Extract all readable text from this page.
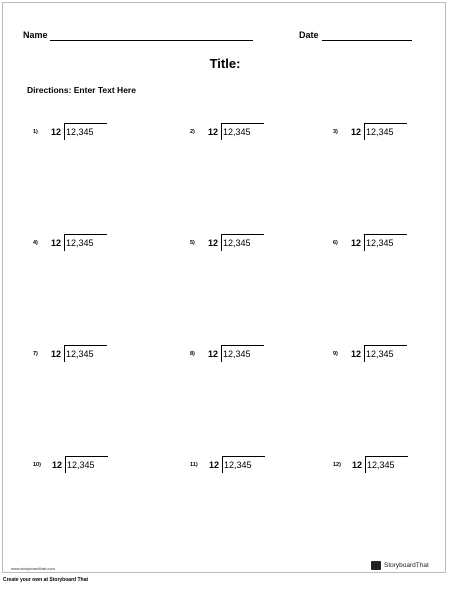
Name	Date
Title:
Directions: Enter Text Here
1) 12 12,345	2) 12 12,345	3) 12 12,345
4) 12 12,345	5) 12 12,345	6) 12 12,345
7) 12 12,345	8) 12 12,345	9) 12 12,345
10) 12 12,345	11) 12 12,345	12) 12 12,345
www.storyboardthat.com	StoryboardThat
Create your own at Storyboard That
